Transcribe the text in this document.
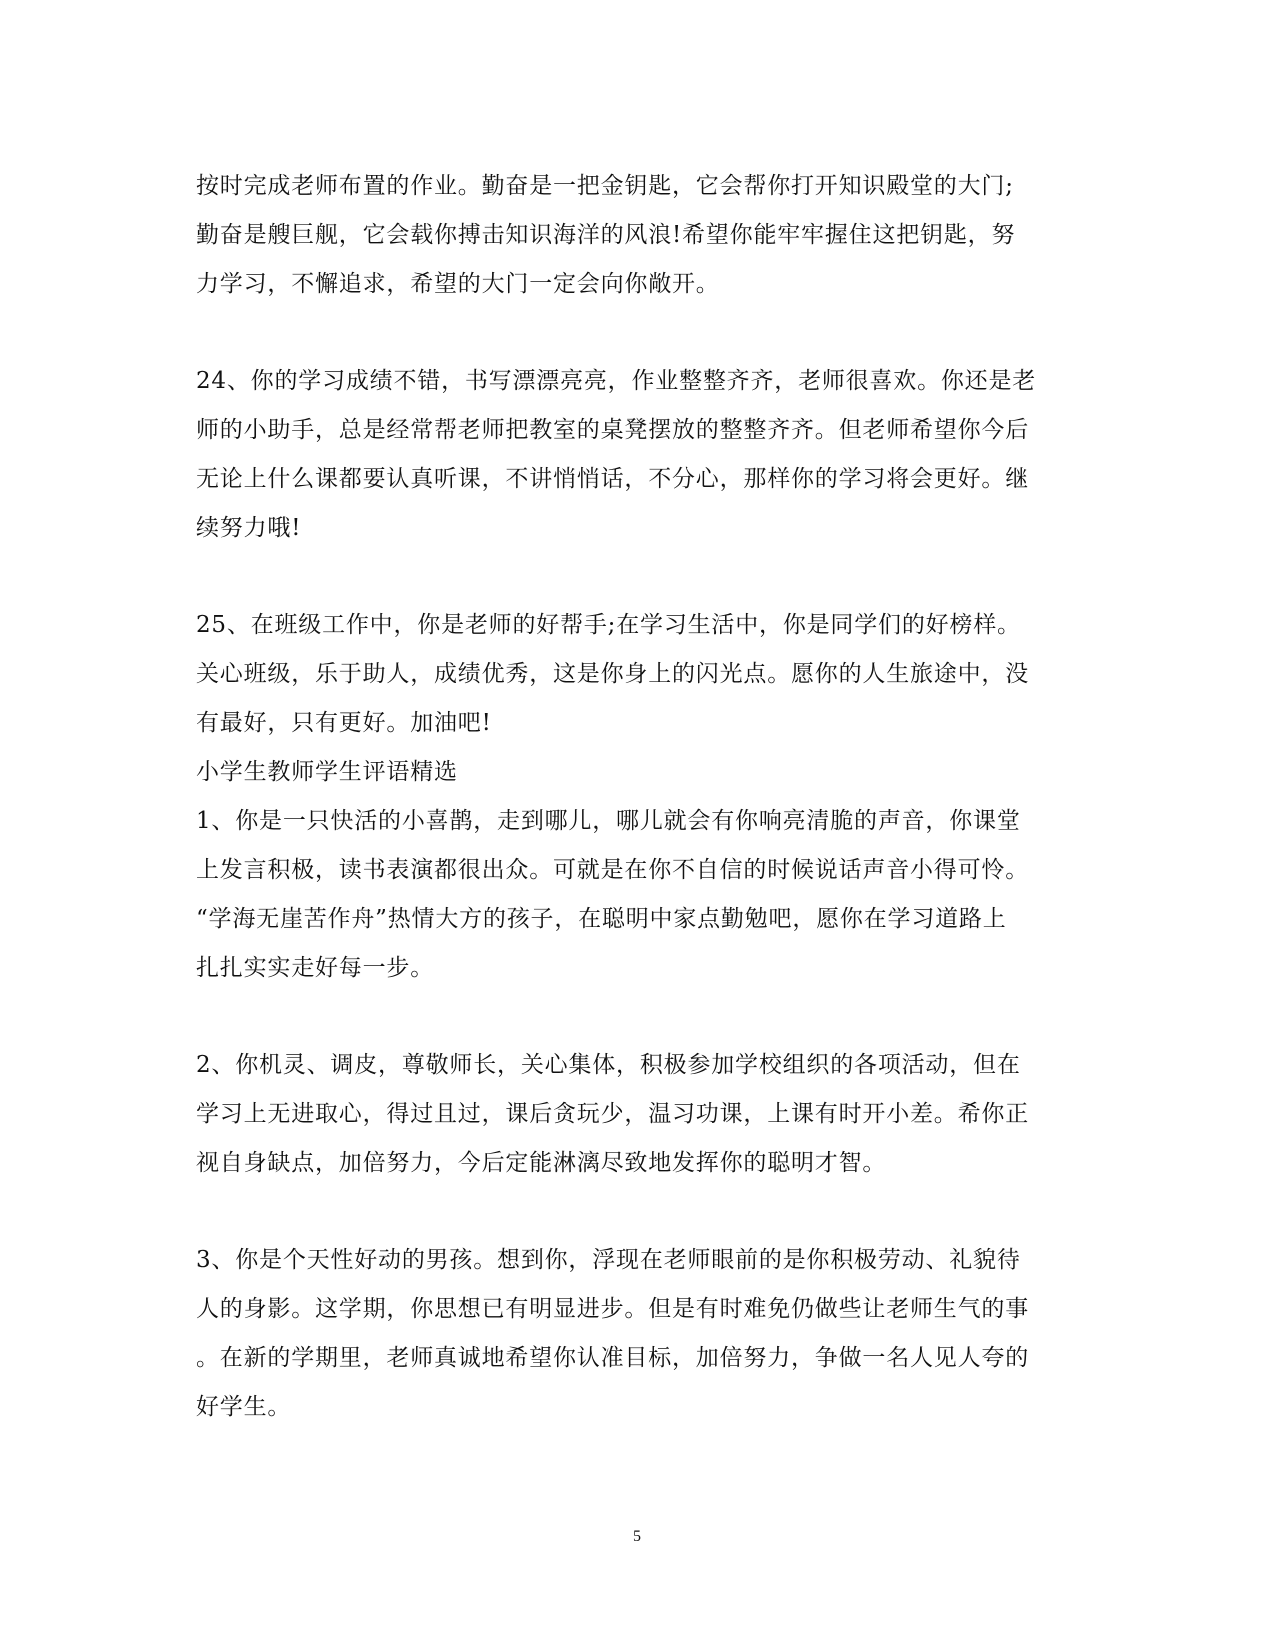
按时完成老师布置的作业。勤奋是一把金钥匙，它会帮你打开知识殿堂的大门;
勤奋是艘巨舰，它会载你搏击知识海洋的风浪!希望你能牢牢握住这把钥匙，努
力学习，不懈追求，希望的大门一定会向你敞开。
24、你的学习成绩不错，书写漂漂亮亮，作业整整齐齐，老师很喜欢。你还是老
师的小助手，总是经常帮老师把教室的桌凳摆放的整整齐齐。但老师希望你今后
无论上什么课都要认真听课，不讲悄悄话，不分心，那样你的学习将会更好。继
续努力哦!
25、在班级工作中，你是老师的好帮手;在学习生活中，你是同学们的好榜样。
关心班级，乐于助人，成绩优秀，这是你身上的闪光点。愿你的人生旅途中，没
有最好，只有更好。加油吧!
小学生教师学生评语精选
1、你是一只快活的小喜鹊，走到哪儿，哪儿就会有你响亮清脆的声音，你课堂
上发言积极，读书表演都很出众。可就是在你不自信的时候说话声音小得可怜。
“学海无崖苦作舟”热情大方的孩子，在聪明中家点勤勉吧，愿你在学习道路上
扎扎实实走好每一步。
2、你机灵、调皮，尊敬师长，关心集体，积极参加学校组织的各项活动，但在
学习上无进取心，得过且过，课后贪玩少，温习功课，上课有时开小差。希你正
视自身缺点，加倍努力，今后定能淋漓尽致地发挥你的聪明才智。
3、你是个天性好动的男孩。想到你，浮现在老师眼前的是你积极劳动、礼貌待
人的身影。这学期，你思想已有明显进步。但是有时难免仍做些让老师生气的事
。在新的学期里，老师真诚地希望你认准目标，加倍努力，争做一名人见人夸的
好学生。
5
